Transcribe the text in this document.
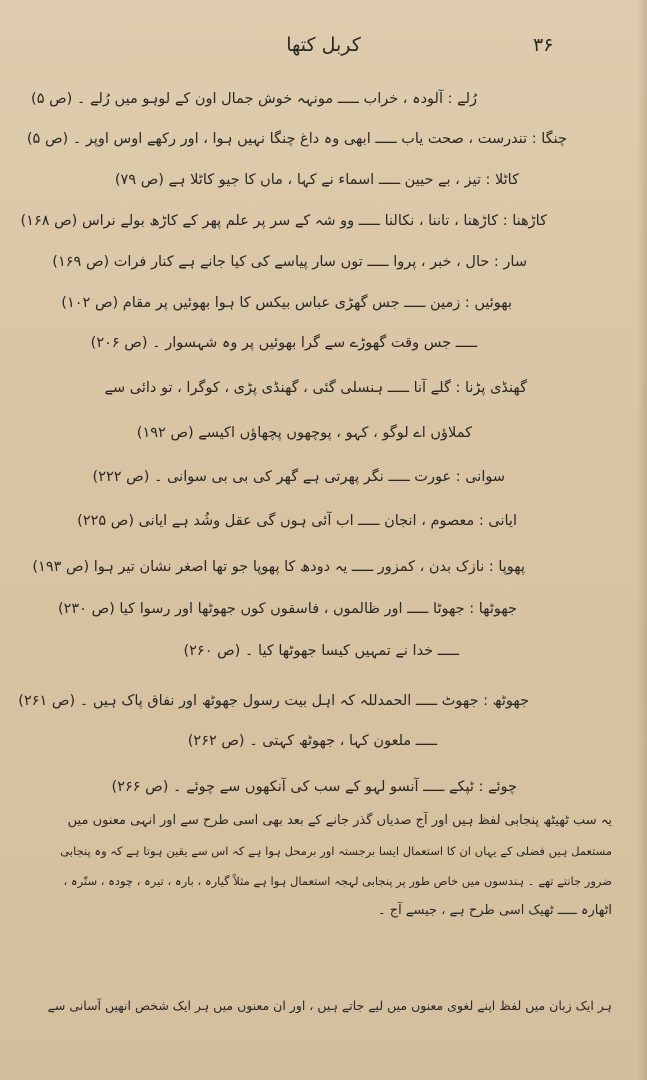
کربل کتھا	۳۶
رُلے : آلودہ ، خراب ـــــ مونہہ خوش جمال اون کے لوہو میں رُلے ۔ (ص ۵)
چنگا : تندرست ، صحت یاب ـــــ ابھی وہ داغ چنگا نہیں ہوا ، اور رکھے اوس اوپر ۔ (ص ۵)
کاٹلا : تیز ، بے حیین ـــــ اسماء نے کہا ، ماں کا جیو کاٹلا ہے (ص ۷۹)
کاڑھنا : کاڑھنا ، تاننا ، نکالنا ـــــ وو شہ کے سر پر علم پھر کے کاڑھ بولے نراس (ص ۱۶۸)
سار : حال ، خبر ، پروا ـــــ توں سار پیاسے کی کیا جانے ہے کنار فرات (ص ۱۶۹)
بھوئیں : زمین ـــــ جس گھڑی عباس بیکس کا ہوا بھوئیں پر مقام (ص ۱۰۲)
ـــــ جس وقت گھوڑے سے گرا بھوئیں پر وہ شہسوار ۔ (ص ۲۰۶)
گھنڈی پڑنا : گلے آنا ـــــ ہنسلی گئی ، گھنڈی پڑی ، کوگرا ، تو دائی سے
کملاؤں اے لوگو ، کہو ، پوچھوں پچھاؤں اکیسے (ص ۱۹۲)
سوانی : عورت ـــــ نگر پھرتی ہے گھر کی بی بی سوانی ۔ (ص ۲۲۲)
ایانی : معصوم ، انجان ـــــ اب آئی ہوں گی عقل وشُد ہے ایانی (ص ۲۲۵)
پھوپا : نازک بدن ، کمزور ـــــ یہ دودھ کا پھوپا جو تھا اصغر نشان تیر ہوا (ص ۱۹۳)
جھوٹھا : جھوٹا ـــــ اور ظالموں ، فاسقوں کوں جھوٹھا اور رسوا کیا (ص ۲۳۰)
ـــــ خدا نے تمہیں کیسا جھوٹھا کیا ۔ (ص ۲۶۰)
جھوٹھ : جھوٹ ـــــ الحمدللہ کہ اہل بیت رسول جھوٹھ اور نفاق پاک ہیں ۔ (ص ۲۶۱)
ـــــ ملعون کہا ، جھوٹھ کہتی ۔ (ص ۲۶۲)
چوئے : ٹپکے ـــــ آنسو لہو کے سب کی آنکھوں سے چوئے ۔ (ص ۲۶۶)
یہ سب ٹھیٹھ پنجابی لفظ ہیں اور آج صدیاں گذر جانے کے بعد بھی اسی طرح سے اور انہی معنوں میں
مستعمل ہیں فضلی کے یہاں ان کا استعمال ایسا برجستہ اور برمحل ہوا ہے کہ اس سے یقین ہوتا ہے کہ وہ پنجابی
ضرور جانتے تھے ۔ ہندسوں میں خاص طور پر پنجابی لہجہ استعمال ہوا ہے مثلاً گیارہ ، بارہ ، تیرہ ، چودہ ، ستّرہ ،
اٹھارہ ـــــ ٹھیک اسی طرح ہے ، جیسے آج ۔
ہر ایک زبان میں لفظ اپنے لغوی معنوں میں لیے جاتے ہیں ، اور ان معنوں میں ہر ایک شخص انھیں آسانی سے
